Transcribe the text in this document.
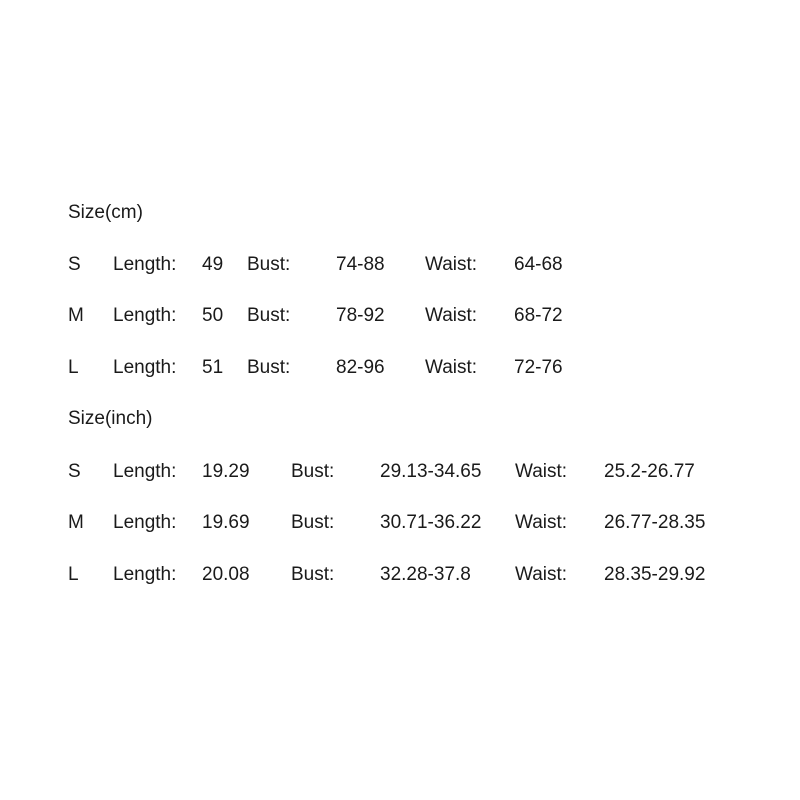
Size(cm)
S Length: 49 Bust: 74-88 Waist: 64-68
M Length: 50 Bust: 78-92 Waist: 68-72
L Length: 51 Bust: 82-96 Waist: 72-76
Size(inch)
S Length: 19.29 Bust: 29.13-34.65 Waist: 25.2-26.77
M Length: 19.69 Bust: 30.71-36.22 Waist: 26.77-28.35
L Length: 20.08 Bust: 32.28-37.8 Waist: 28.35-29.92
